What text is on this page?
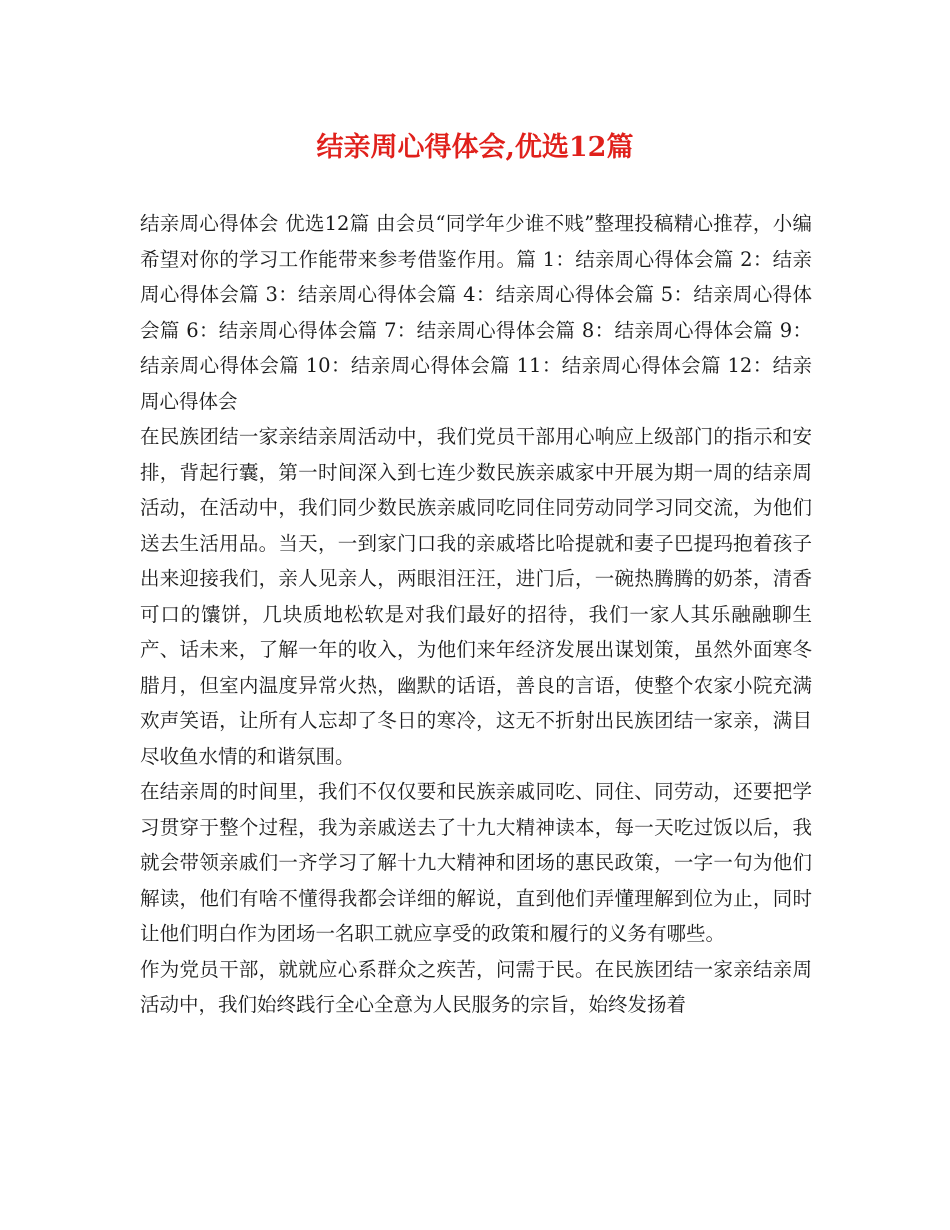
结亲周心得体会,优选12篇

结亲周心得体会 优选12篇 由会员“同学年少谁不贱”整理投稿精心推荐，小编希望对你的学习工作能带来参考借鉴作用。篇 1：结亲周心得体会篇 2：结亲周心得体会篇 3：结亲周心得体会篇 4：结亲周心得体会篇 5：结亲周心得体会篇 6：结亲周心得体会篇 7：结亲周心得体会篇 8：结亲周心得体会篇 9：结亲周心得体会篇 10：结亲周心得体会篇 11：结亲周心得体会篇 12：结亲周心得体会

在民族团结一家亲结亲周活动中，我们党员干部用心响应上级部门的指示和安排，背起行囊，第一时间深入到七连少数民族亲戚家中开展为期一周的结亲周活动，在活动中，我们同少数民族亲戚同吃同住同劳动同学习同交流，为他们送去生活用品。当天，一到家门口我的亲戚塔比哈提就和妻子巴提玛抱着孩子出来迎接我们，亲人见亲人，两眼泪汪汪，进门后，一碗热腾腾的奶茶，清香可口的馕饼，几块质地松软是对我们最好的招待，我们一家人其乐融融聊生产、话未来，了解一年的收入，为他们来年经济发展出谋划策，虽然外面寒冬腊月，但室内温度异常火热，幽默的话语，善良的言语，使整个农家小院充满欢声笑语，让所有人忘却了冬日的寒冷，这无不折射出民族团结一家亲，满目尽收鱼水情的和谐氛围。

在结亲周的时间里，我们不仅仅要和民族亲戚同吃、同住、同劳动，还要把学习贯穿于整个过程，我为亲戚送去了十九大精神读本，每一天吃过饭以后，我就会带领亲戚们一齐学习了解十九大精神和团场的惠民政策，一字一句为他们解读，他们有啥不懂得我都会详细的解说，直到他们弄懂理解到位为止，同时让他们明白作为团场一名职工就应享受的政策和履行的义务有哪些。

作为党员干部，就就应心系群众之疾苦，问需于民。在民族团结一家亲结亲周活动中，我们始终践行全心全意为人民服务的宗旨，始终发扬着
